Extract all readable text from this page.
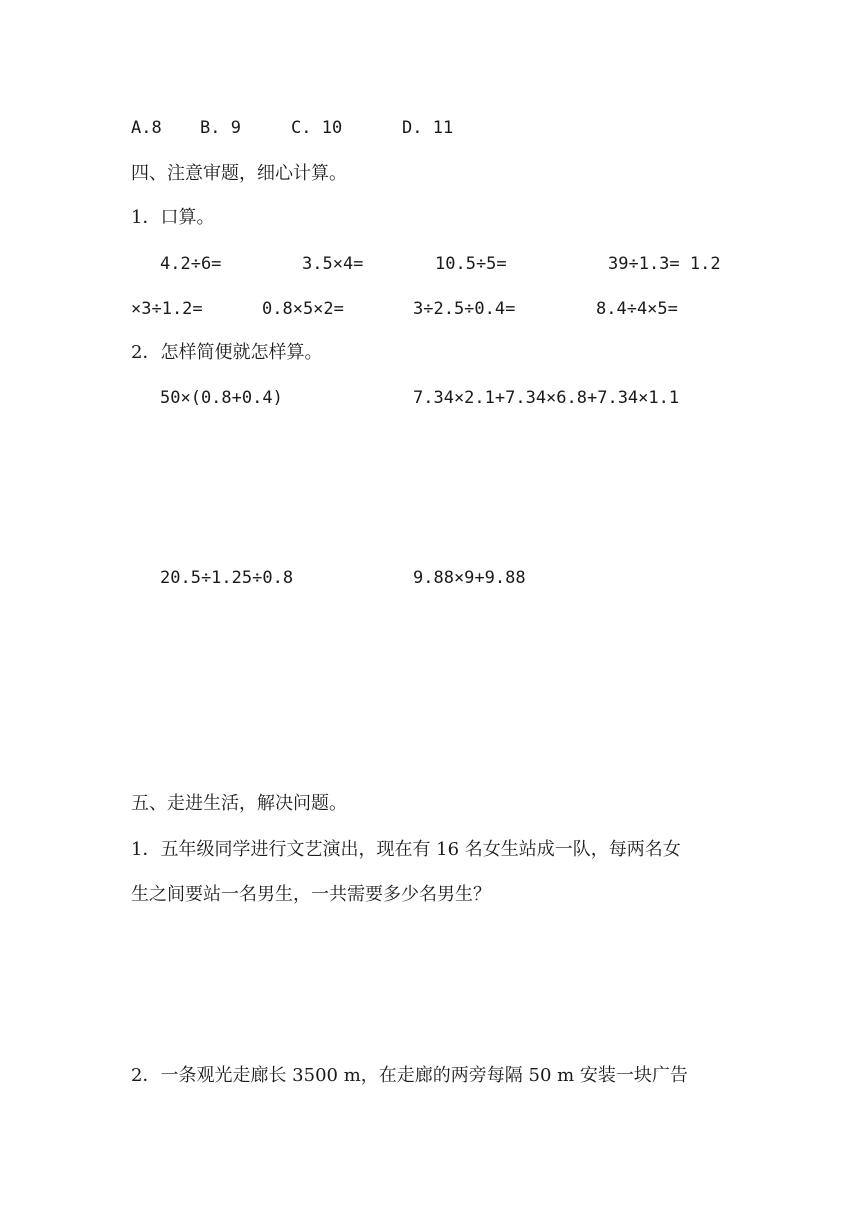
A.8 B. 9	C. 10	D. 11
四、注意审题，细心计算。
1．口算。
4.2÷6=	3.5×4=	10.5÷5=	39÷1.3= 1.2
×3÷1.2=	0.8×5×2=	3÷2.5÷0.4=	8.4÷4×5=
2．怎样简便就怎样算。
50×(0.8+0.4)	7.34×2.1+7.34×6.8+7.34×1.1
20.5÷1.25÷0.8	9.88×9+9.88
五、走进生活，解决问题。
1．五年级同学进行文艺演出，现在有 16 名女生站成一队，每两名女
生之间要站一名男生，一共需要多少名男生？
2．一条观光走廊长 3500 m，在走廊的两旁每隔 50 m 安装一块广告
